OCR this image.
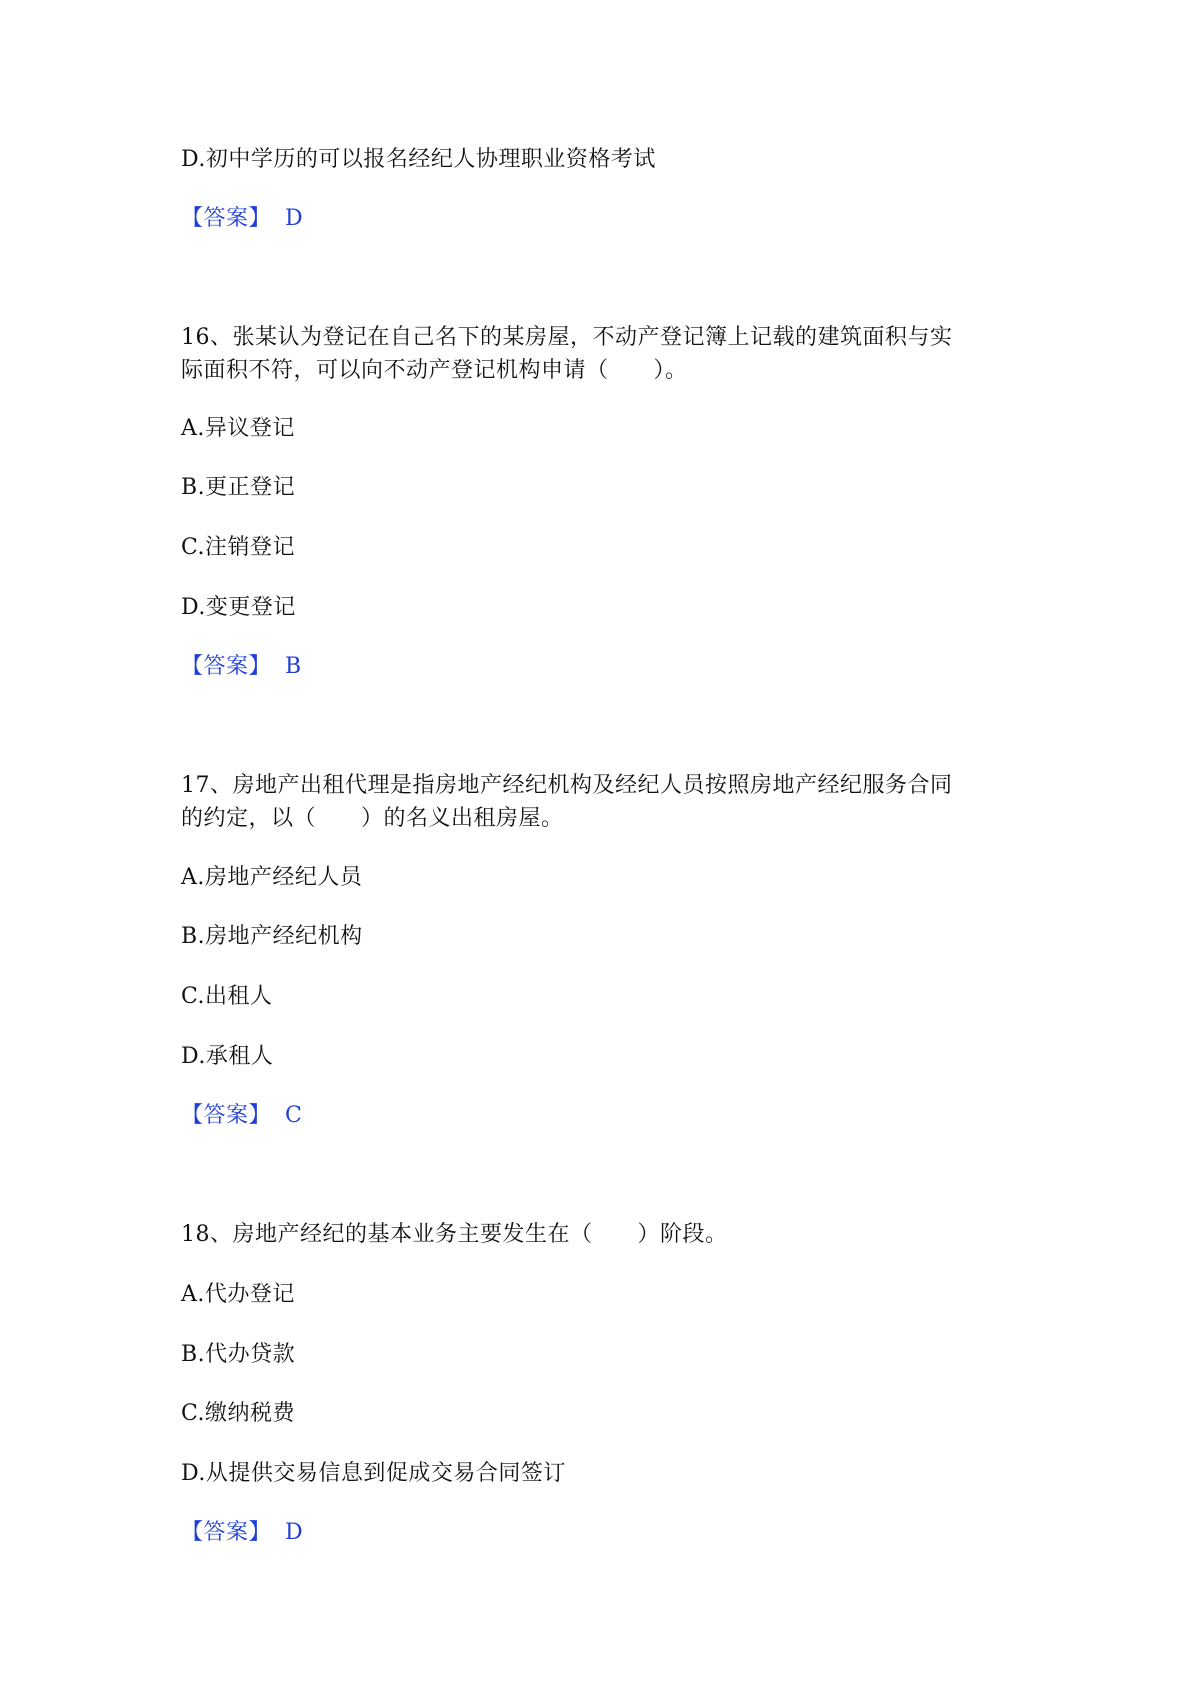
D.初中学历的可以报名经纪人协理职业资格考试
【答案】 D
16、张某认为登记在自己名下的某房屋，不动产登记簿上记载的建筑面积与实
际面积不符，可以向不动产登记机构申请（　　）。
A.异议登记
B.更正登记
C.注销登记
D.变更登记
【答案】 B
17、房地产出租代理是指房地产经纪机构及经纪人员按照房地产经纪服务合同
的约定，以（　　）的名义出租房屋。
A.房地产经纪人员
B.房地产经纪机构
C.出租人
D.承租人
【答案】 C
18、房地产经纪的基本业务主要发生在（　　）阶段。
A.代办登记
B.代办贷款
C.缴纳税费
D.从提供交易信息到促成交易合同签订
【答案】 D
